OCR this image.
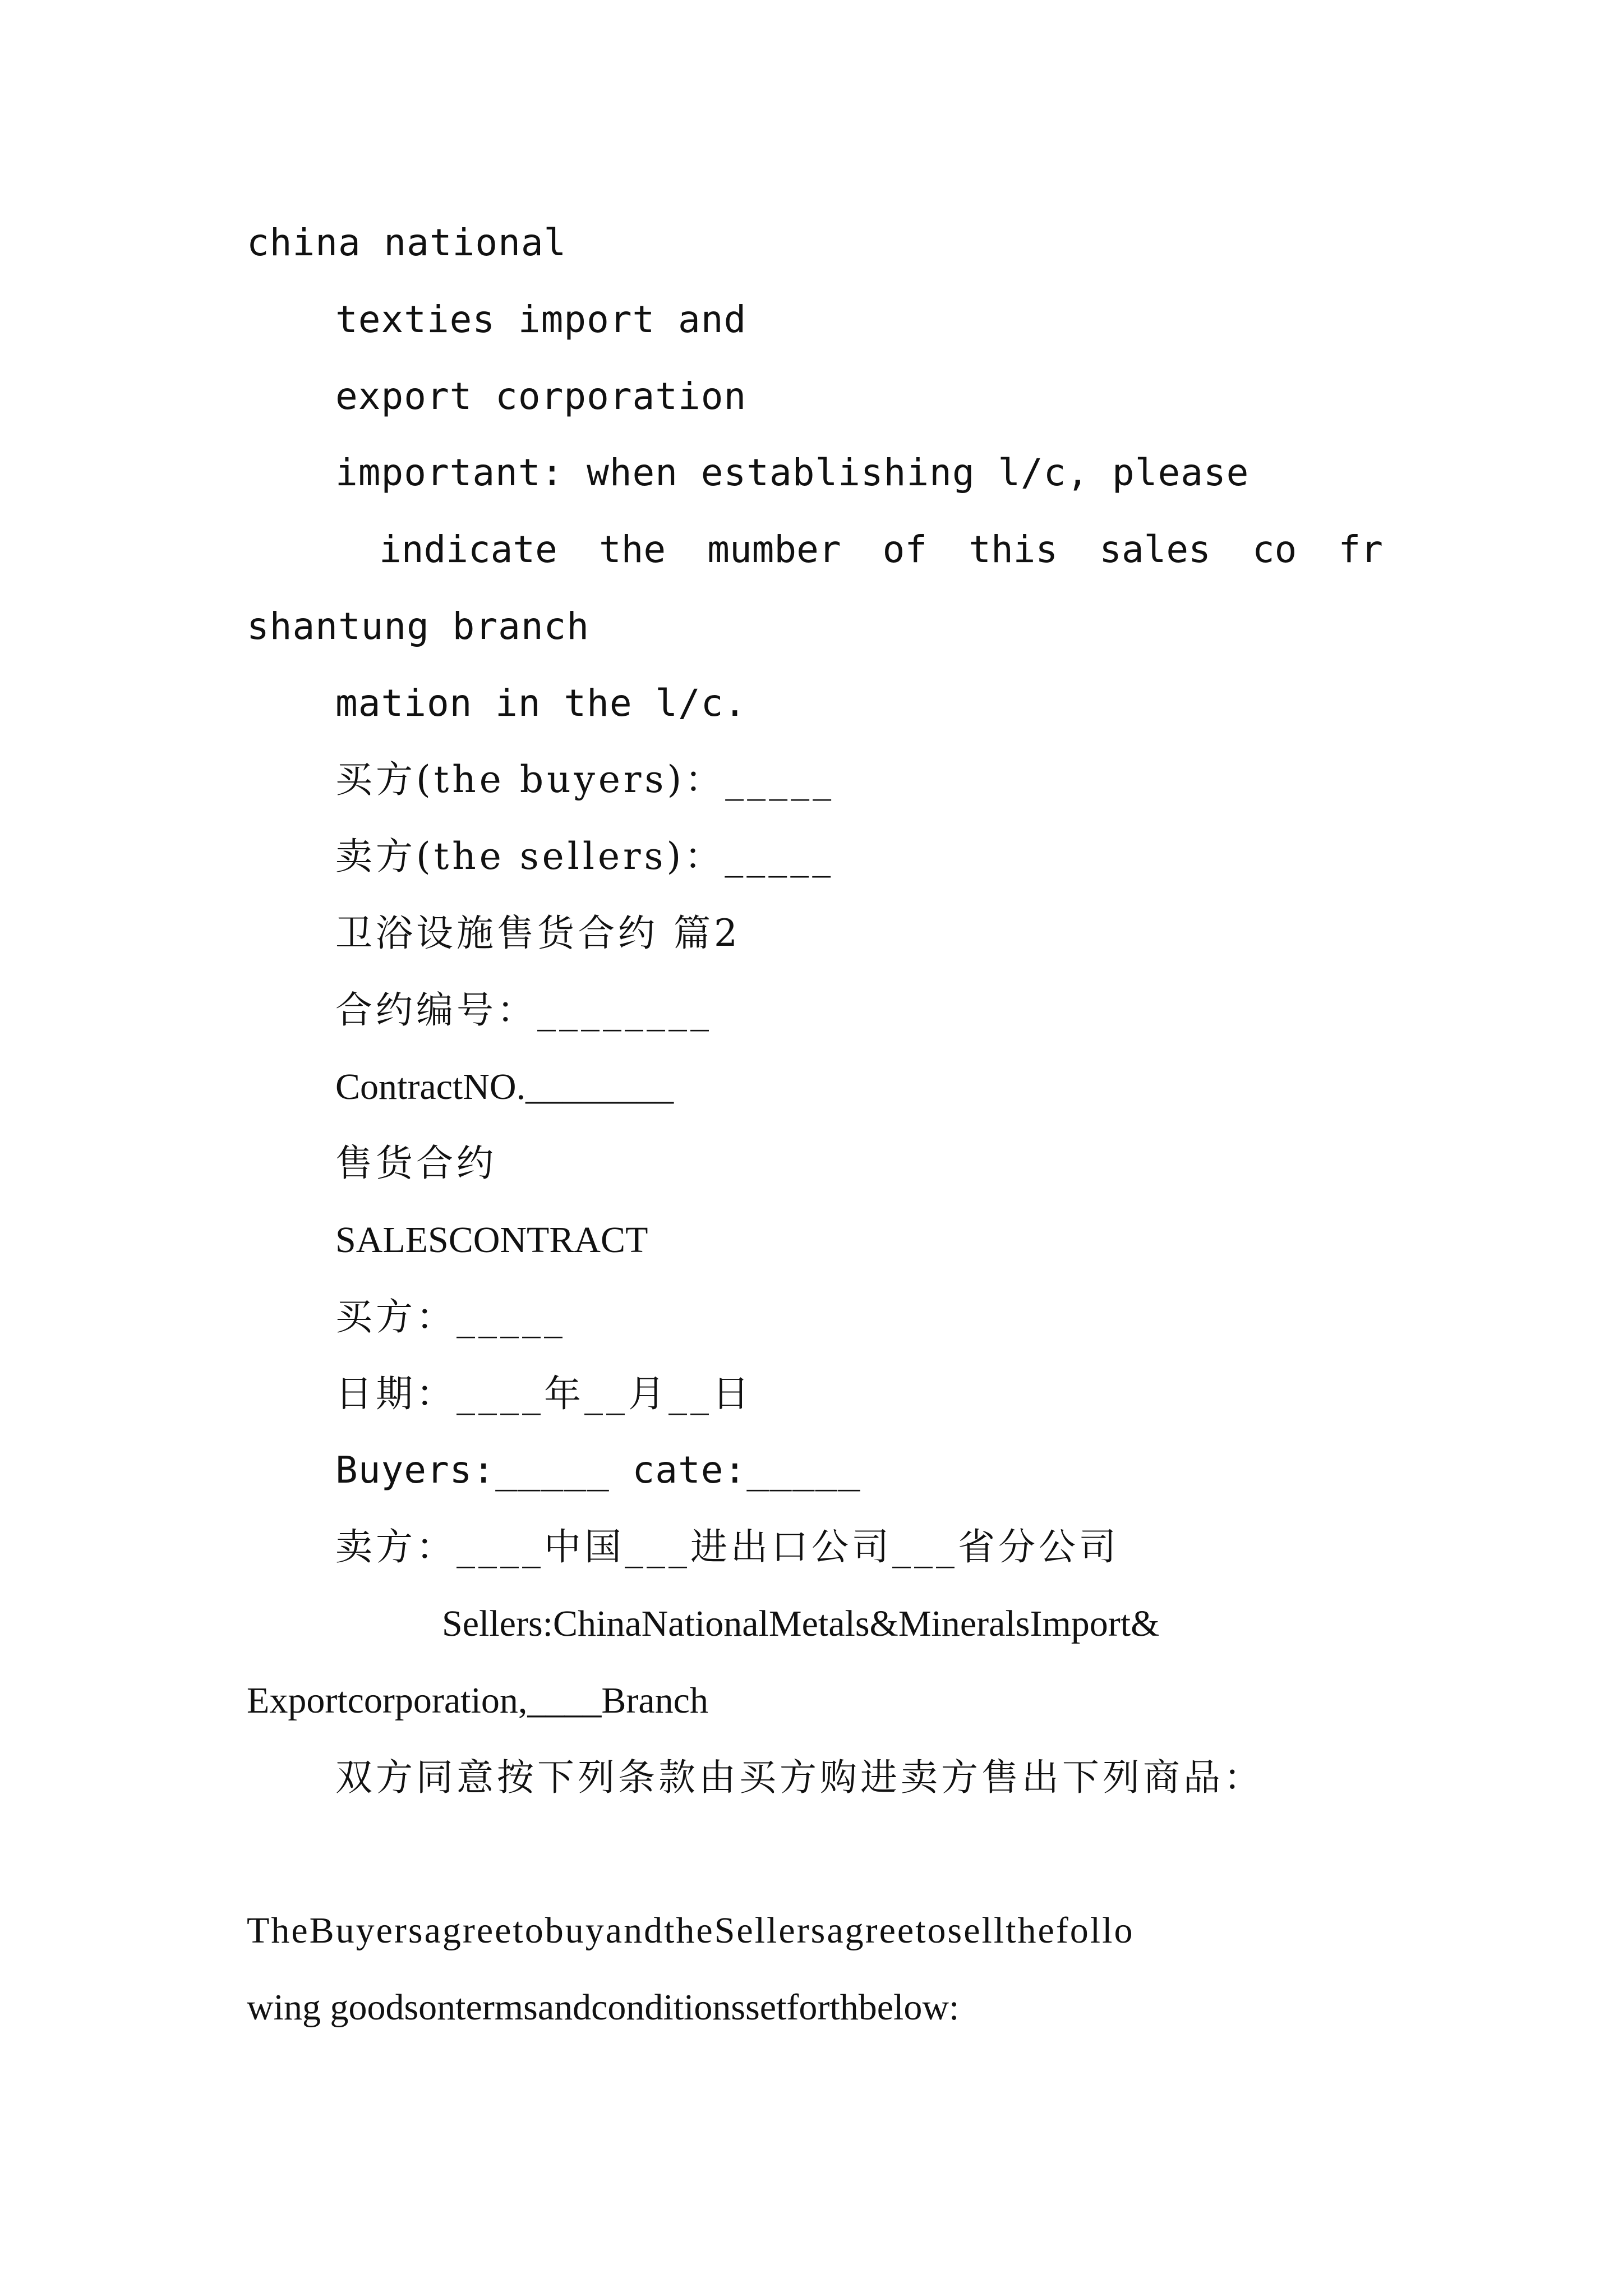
china national
texties import and
export corporation
important: when establishing l/c, please
indicate the mumber of this sales co fr
shantung branch
mation in the l/c.
买方(the buyers)：_____
卖方(the sellers)：_____
卫浴设施售货合约 篇2
合约编号：________
ContractNO.________
售货合约
SALESCONTRACT
买方：_____
日期：____年__月__日
Buyers:_____ cate:_____
卖方：____中国___进出口公司___省分公司
Sellers:ChinaNationalMetals&MineralsImport&
Exportcorporation,____Branch
双方同意按下列条款由买方购进卖方售出下列商品：
TheBuyersagreetobuyandtheSellersagreetosellthefollo
wing goodsontermsandconditionssetforthbelow:
